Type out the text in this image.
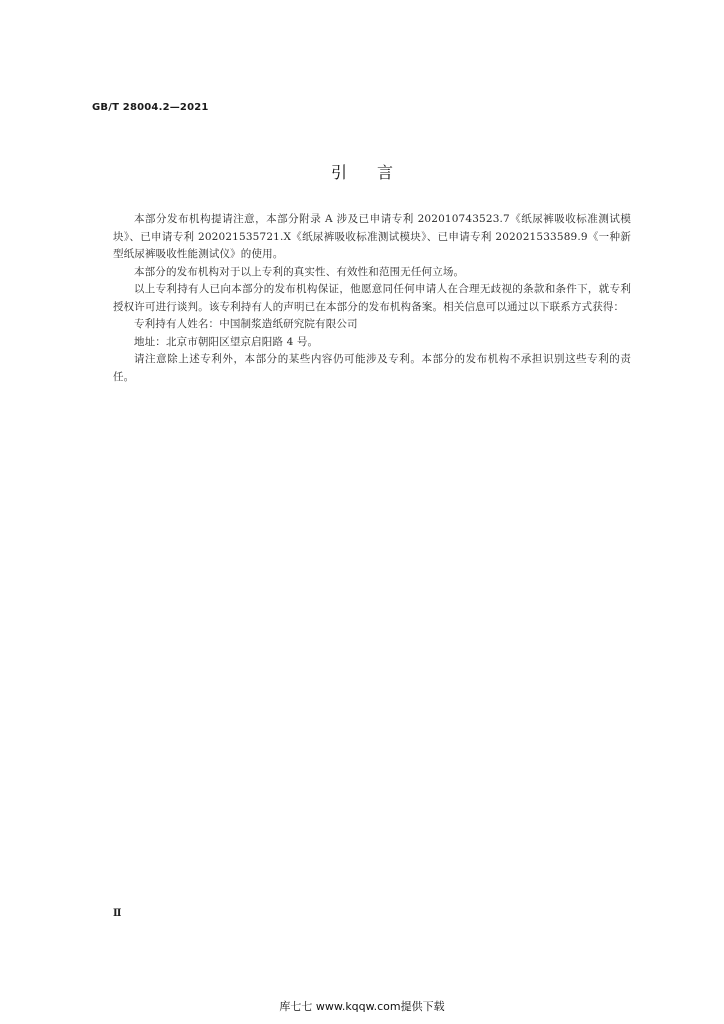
GB/T 28004.2—2021
引言

本部分发布机构提请注意，本部分附录 A 涉及已申请专利 202010743523.7《纸尿裤吸收标准测试模块》、已申请专利 202021535721.X《纸尿裤吸收标准测试模块》、已申请专利 202021533589.9《一种新型纸尿裤吸收性能测试仪》的使用。

本部分的发布机构对于以上专利的真实性、有效性和范围无任何立场。

以上专利持有人已向本部分的发布机构保证，他愿意同任何申请人在合理无歧视的条款和条件下，就专利授权许可进行谈判。该专利持有人的声明已在本部分的发布机构备案。相关信息可以通过以下联系方式获得：

专利持有人姓名：中国制浆造纸研究院有限公司

地址：北京市朝阳区望京启阳路 4 号。

请注意除上述专利外，本部分的某些内容仍可能涉及专利。本部分的发布机构不承担识别这些专利的责任。

Ⅱ
库七七 www.kqqw.com提供下载
